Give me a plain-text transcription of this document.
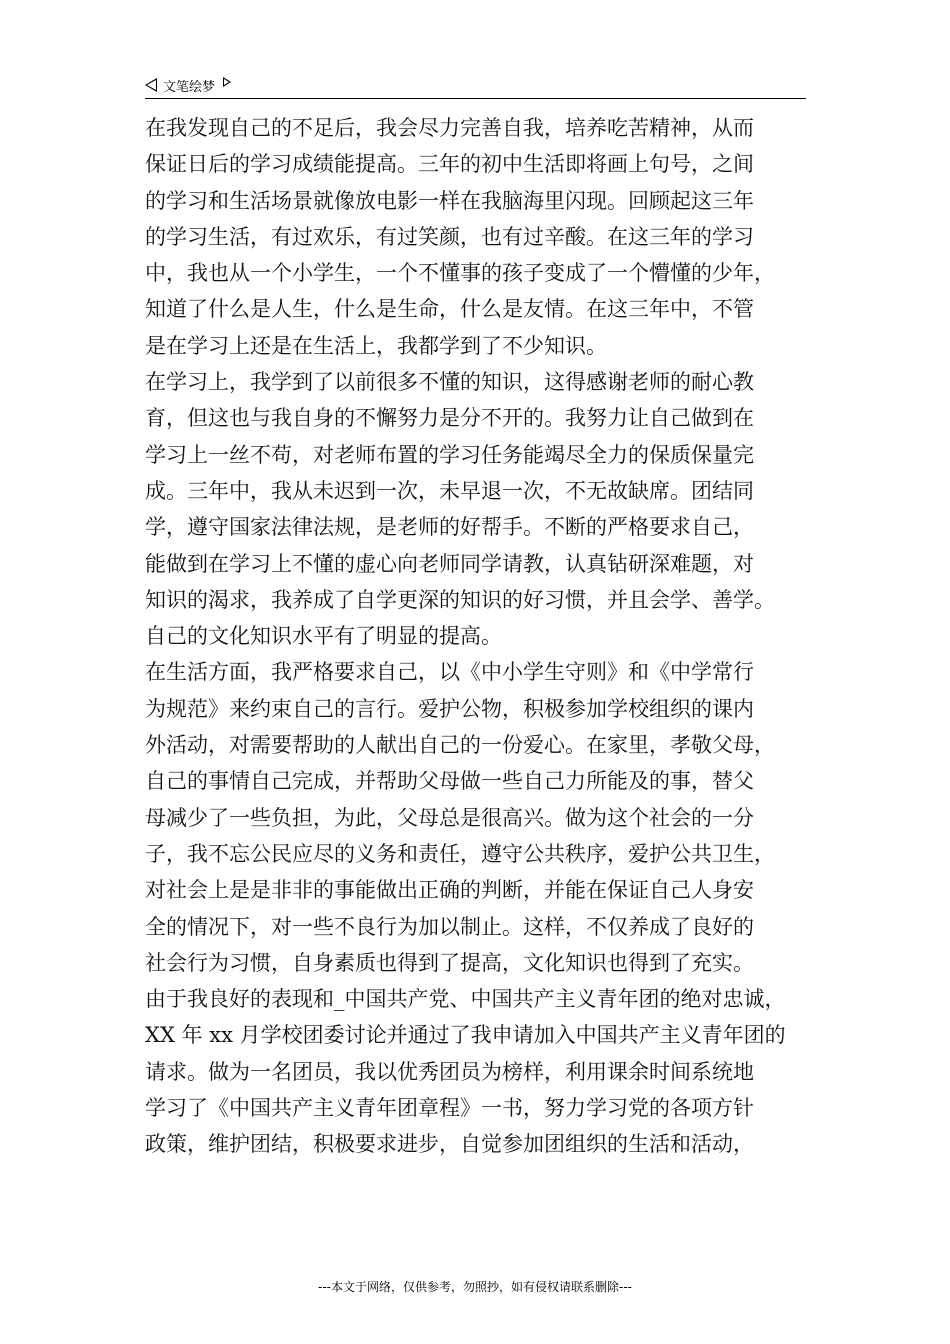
文笔绘梦
在我发现自己的不足后，我会尽力完善自我，培养吃苦精神，从而
保证日后的学习成绩能提高。三年的初中生活即将画上句号，之间
的学习和生活场景就像放电影一样在我脑海里闪现。回顾起这三年
的学习生活，有过欢乐，有过笑颜，也有过辛酸。在这三年的学习
中，我也从一个小学生，一个不懂事的孩子变成了一个懵懂的少年，
知道了什么是人生，什么是生命，什么是友情。在这三年中，不管
是在学习上还是在生活上，我都学到了不少知识。
在学习上，我学到了以前很多不懂的知识，这得感谢老师的耐心教
育，但这也与我自身的不懈努力是分不开的。我努力让自己做到在
学习上一丝不苟，对老师布置的学习任务能竭尽全力的保质保量完
成。三年中，我从未迟到一次，未早退一次，不无故缺席。团结同
学，遵守国家法律法规，是老师的好帮手。不断的严格要求自己，
能做到在学习上不懂的虚心向老师同学请教，认真钻研深难题，对
知识的渴求，我养成了自学更深的知识的好习惯，并且会学、善学。
自己的文化知识水平有了明显的提高。
在生活方面，我严格要求自己，以《中小学生守则》和《中学常行
为规范》来约束自己的言行。爱护公物，积极参加学校组织的课内
外活动，对需要帮助的人献出自己的一份爱心。在家里，孝敬父母，
自己的事情自己完成，并帮助父母做一些自己力所能及的事，替父
母减少了一些负担，为此，父母总是很高兴。做为这个社会的一分
子，我不忘公民应尽的义务和责任，遵守公共秩序，爱护公共卫生，
对社会上是是非非的事能做出正确的判断，并能在保证自己人身安
全的情况下，对一些不良行为加以制止。这样，不仅养成了良好的
社会行为习惯，自身素质也得到了提高，文化知识也得到了充实。
由于我良好的表现和_中国共产党、中国共产主义青年团的绝对忠诚，
XX 年 xx 月学校团委讨论并通过了我申请加入中国共产主义青年团的
请求。做为一名团员，我以优秀团员为榜样，利用课余时间系统地
学习了《中国共产主义青年团章程》一书，努力学习党的各项方针
政策，维护团结，积极要求进步，自觉参加团组织的生活和活动，
---本文于网络，仅供参考，勿照抄，如有侵权请联系删除---
